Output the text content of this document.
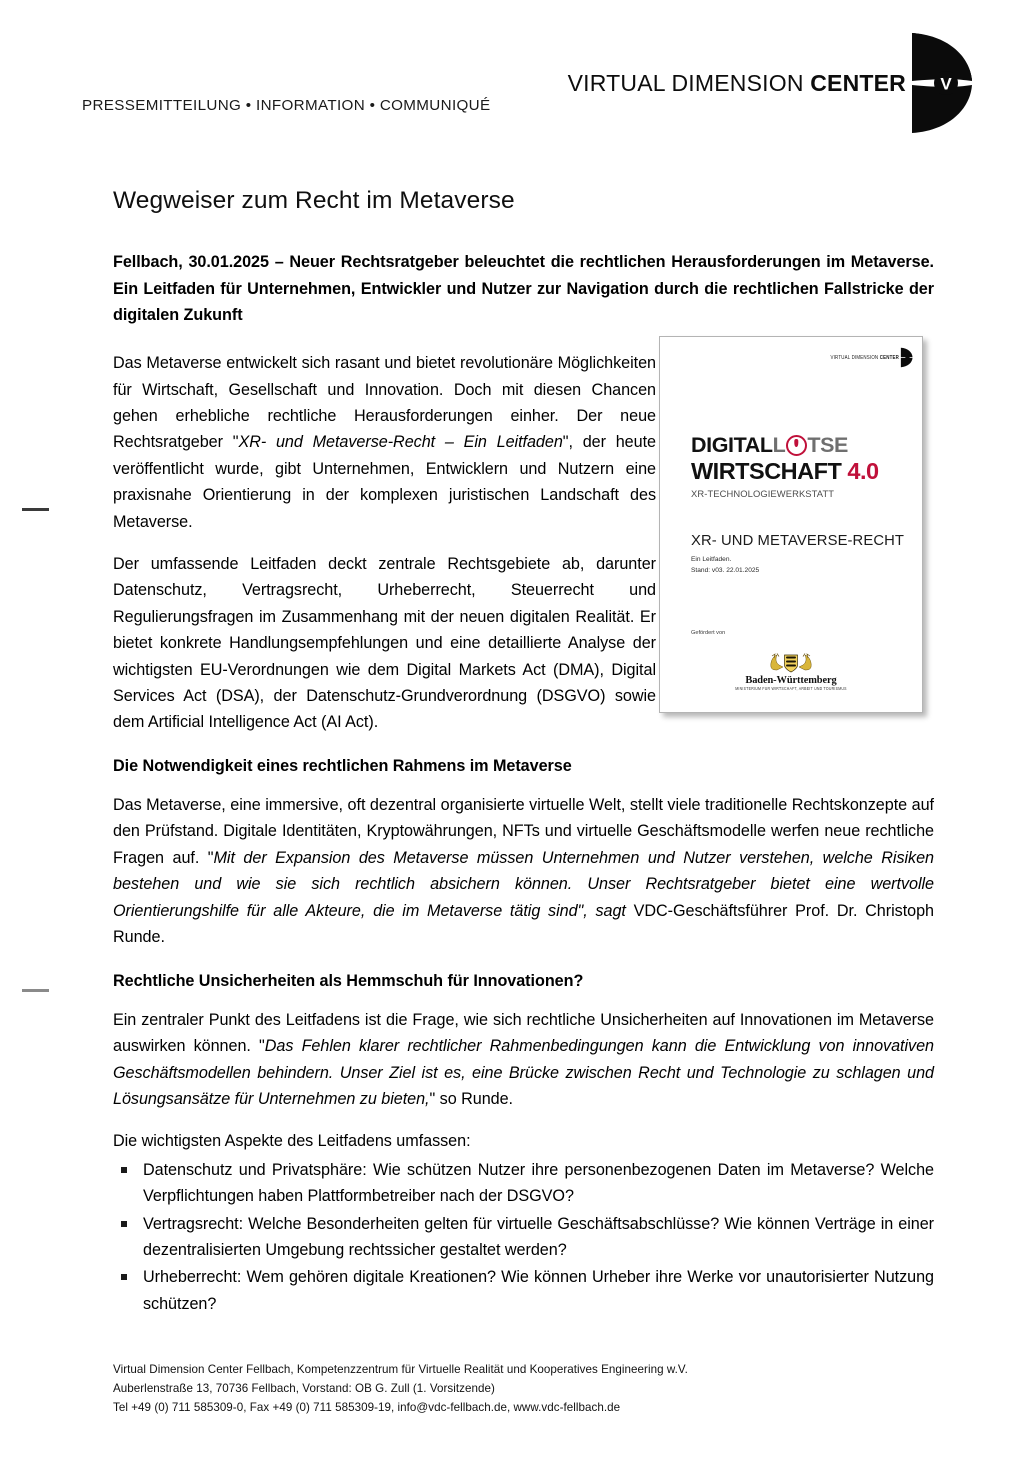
PRESSEMITTEILUNG • INFORMATION • COMMUNIQUÉ
VIRTUAL DIMENSION CENTER V
VIRTUAL DIMENSION CENTER
DIGITAL L TSE
WIRTSCHAFT 4.0
XR-TECHNOLOGIEWERKSTATT
XR- UND METAVERSE-RECHT
Ein Leitfaden.
Stand: v03. 22.01.2025
Gefördert von
Baden-Württemberg
MINISTERIUM FÜR WIRTSCHAFT, ARBEIT UND TOURISMUS
Wegweiser zum Recht im Metaverse

Fellbach, 30.01.2025 – Neuer Rechtsratgeber beleuchtet die rechtlichen Herausforderungen im Metaverse. Ein Leitfaden für Unternehmen, Entwickler und Nutzer zur Navigation durch die rechtlichen Fallstricke der digitalen Zukunft

Das Metaverse entwickelt sich rasant und bietet revolutionäre Möglichkeiten für Wirtschaft, Gesellschaft und Innovation. Doch mit diesen Chancen gehen erhebliche rechtliche Herausforderungen einher. Der neue Rechtsratgeber "XR- und Metaverse-Recht – Ein Leitfaden", der heute veröffentlicht wurde, gibt Unternehmen, Entwicklern und Nutzern eine praxisnahe Orientierung in der komplexen juristischen Landschaft des Metaverse.

Der umfassende Leitfaden deckt zentrale Rechtsgebiete ab, darunter Datenschutz, Vertragsrecht, Urheberrecht, Steuerrecht und Regulierungsfragen im Zusammenhang mit der neuen digitalen Realität. Er bietet konkrete Handlungsempfehlungen und eine detaillierte Analyse der wichtigsten EU-Verordnungen wie dem Digital Markets Act (DMA), Digital Services Act (DSA), der Datenschutz-Grundverordnung (DSGVO) sowie dem Artificial Intelligence Act (AI Act).

Die Notwendigkeit eines rechtlichen Rahmens im Metaverse

Das Metaverse, eine immersive, oft dezentral organisierte virtuelle Welt, stellt viele traditionelle Rechtskonzepte auf den Prüfstand. Digitale Identitäten, Kryptowährungen, NFTs und virtuelle Geschäftsmodelle werfen neue rechtliche Fragen auf. "Mit der Expansion des Metaverse müssen Unternehmen und Nutzer verstehen, welche Risiken bestehen und wie sie sich rechtlich absichern können. Unser Rechtsratgeber bietet eine wertvolle Orientierungshilfe für alle Akteure, die im Metaverse tätig sind", sagt VDC-Geschäftsführer Prof. Dr. Christoph Runde.

Rechtliche Unsicherheiten als Hemmschuh für Innovationen?

Ein zentraler Punkt des Leitfadens ist die Frage, wie sich rechtliche Unsicherheiten auf Innovationen im Metaverse auswirken können. "Das Fehlen klarer rechtlicher Rahmenbedingungen kann die Entwicklung von innovativen Geschäftsmodellen behindern. Unser Ziel ist es, eine Brücke zwischen Recht und Technologie zu schlagen und Lösungsansätze für Unternehmen zu bieten," so Runde.

Die wichtigsten Aspekte des Leitfadens umfassen:

Datenschutz und Privatsphäre: Wie schützen Nutzer ihre personenbezogenen Daten im Metaverse? Welche Verpflichtungen haben Plattformbetreiber nach der DSGVO?
Vertragsrecht: Welche Besonderheiten gelten für virtuelle Geschäftsabschlüsse? Wie können Verträge in einer dezentralisierten Umgebung rechtssicher gestaltet werden?
Urheberrecht: Wem gehören digitale Kreationen? Wie können Urheber ihre Werke vor unautorisierter Nutzung schützen?
Virtual Dimension Center Fellbach, Kompetenzzentrum für Virtuelle Realität und Kooperatives Engineering w.V.
Auberlenstraße 13, 70736 Fellbach, Vorstand: OB G. Zull (1. Vorsitzende)
Tel +49 (0) 711 585309-0, Fax +49 (0) 711 585309-19, info@vdc-fellbach.de, www.vdc-fellbach.de
